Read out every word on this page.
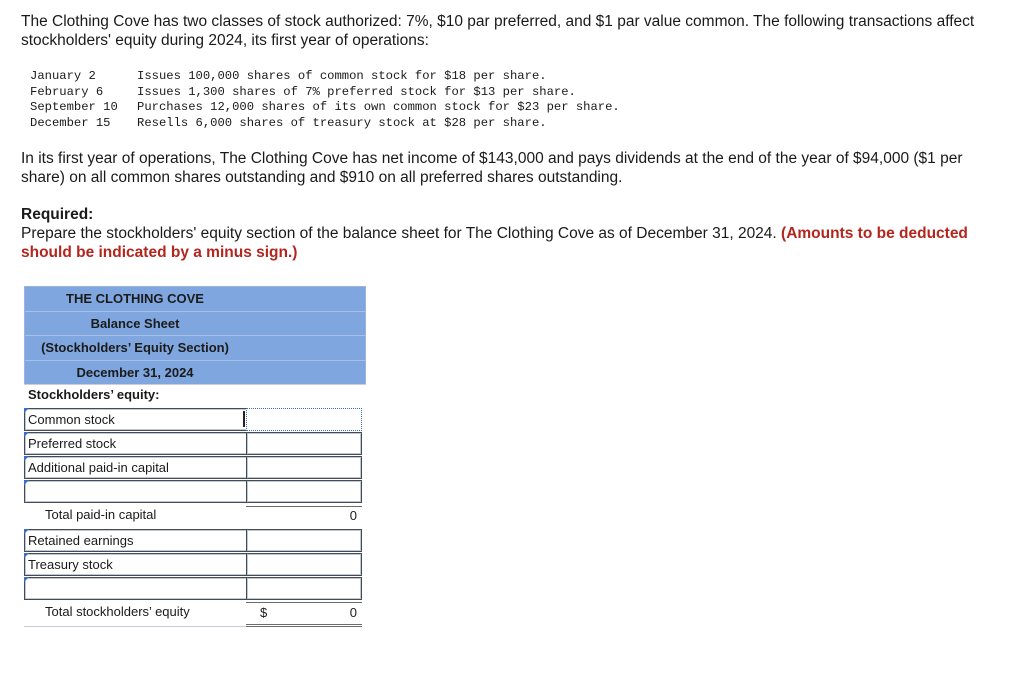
The Clothing Cove has two classes of stock authorized: 7%, $10 par preferred, and $1 par value common. The following transactions affect stockholders' equity during 2024, its first year of operations:

January 2	Issues 100,000 shares of common stock for $18 per share.
February 6	Issues 1,300 shares of 7% preferred stock for $13 per share.
September 10	Purchases 12,000 shares of its own common stock for $23 per share.
December 15	Resells 6,000 shares of treasury stock at $28 per share.

In its first year of operations, The Clothing Cove has net income of $143,000 and pays dividends at the end of the year of $94,000 ($1 per share) on all common shares outstanding and $910 on all preferred shares outstanding.

Required:

Prepare the stockholders' equity section of the balance sheet for The Clothing Cove as of December 31, 2024. (Amounts to be deducted should be indicated by a minus sign.)

THE CLOTHING COVE
Balance Sheet
(Stockholders’ Equity Section)
December 31, 2024
Stockholders’ equity:
Common stock
Preferred stock
Additional paid-in capital
Total paid-in capital	0
Retained earnings
Treasury stock
Total stockholders’ equity	$	0
